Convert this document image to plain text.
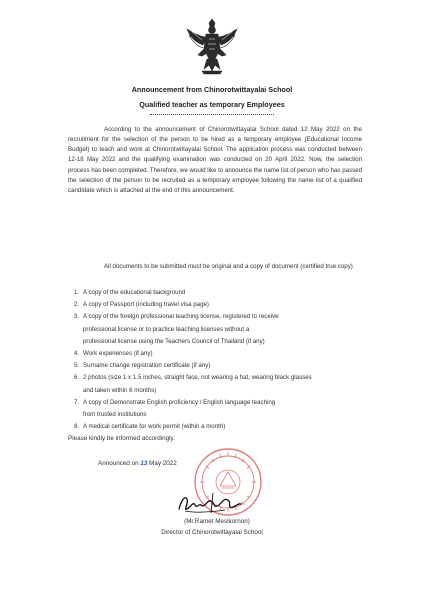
Announcement from Chinorotwittayalai School
Qualified teacher as temporary Employees
According to the announcement of Chinorotwittayalai School dated 12 May 2022 on the recruitment for the selection of the person to be hired as a temporary employee (Educational Income Budget) to teach and work at Chinorotwittayalai School. The application process was conducted between 12-18 May 2022 and the qualifying examination was conducted on 20 April 2022. Now, the selection process has been completed. Therefore, we would like to announce the name list of person who has passed the selection of the person to be recruited as a temporary employee following the name list of a qualified candidate which is attached at the end of this announcement.
All documents to be submitted must be original and a copy of document (certified true copy)
1. A copy of the educational background
2. A copy of Passport (including travel visa page)
3. A copy of the foreign professional teaching license, registered to receive
professional license or to practice teaching licenses without a
professional license using the Teachers Council of Thailand (if any)
4. Work experiences (if any)
5. Surname change registration certificate (if any)
6. 2 photos (size 1 x 1.5 inches, straight face, not wearing a hat, wearing black glasses
and taken within 6 months)
7. A copy of Demonstrate English proficiency / English language teaching
from trusted institutions
8. A medical certificate for work permit (within a month)
Please kindly be informed accordingly.
Announced on 13 May 2022
(Mr.Ramet Mesikornon)
Director of Chinorotwittayalai School
